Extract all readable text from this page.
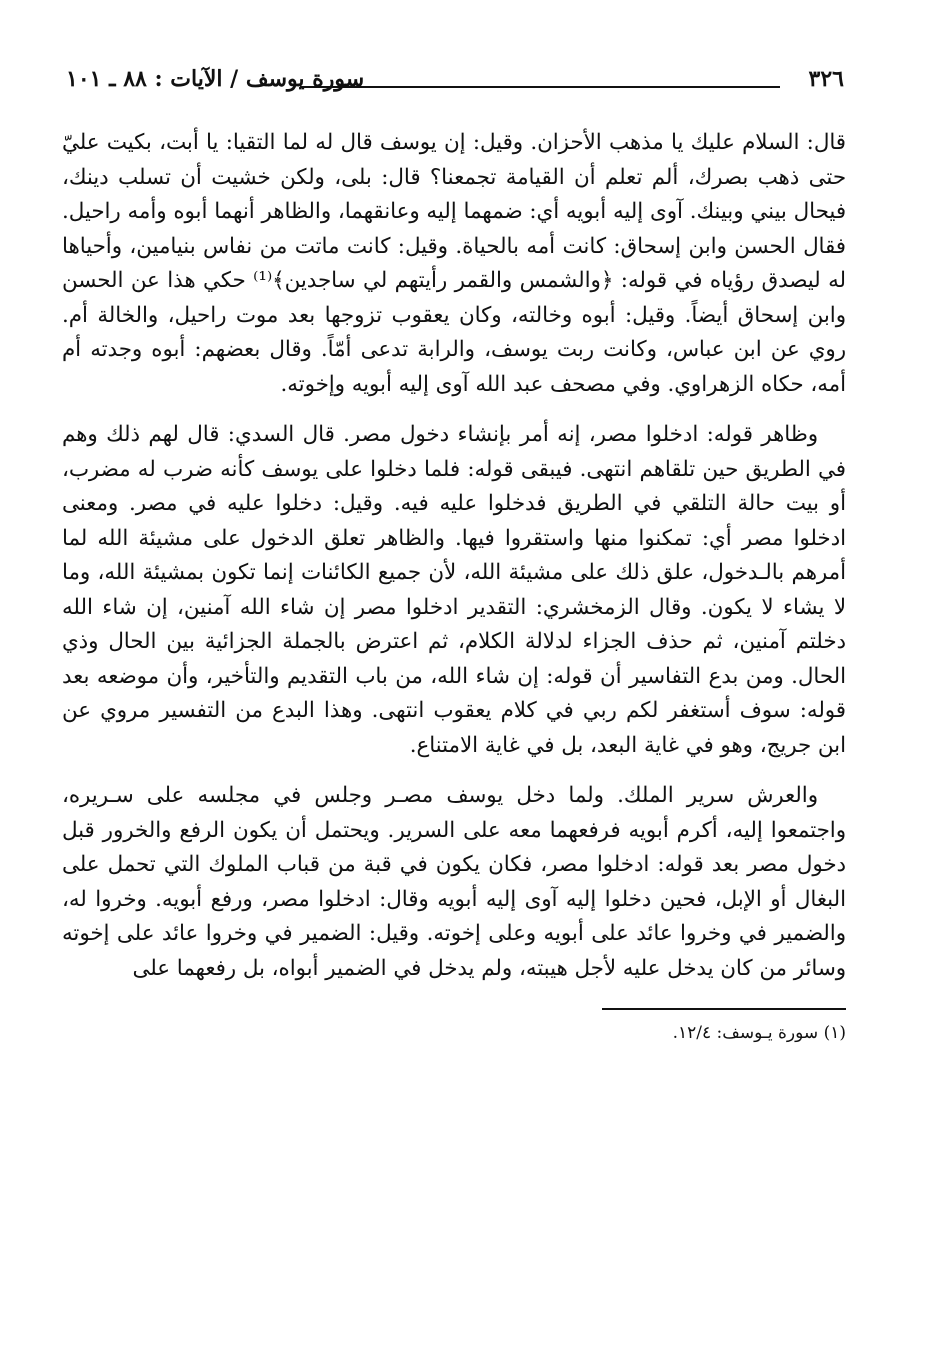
٣٢٦
سورة يوسف / الآيات : ٨٨ ـ ١٠١

قال: السلام عليك يا مذهب الأحزان. وقيل: إن يوسف قال له لما التقيا: يا أبت، بكيت عليّ حتى ذهب بصرك، ألم تعلم أن القيامة تجمعنا؟ قال: بلى، ولكن خشيت أن تسلب دينك، فيحال بيني وبينك. آوى إليه أبويه أي: ضمهما إليه وعانقهما، والظاهر أنهما أبوه وأمه راحيل. فقال الحسن وابن إسحاق: كانت أمه بالحياة. وقيل: كانت ماتت من نفاس بنيامين، وأحياها له ليصدق رؤياه في قوله: ﴿والشمس والقمر رأيتهم لي ساجدين﴾⁽¹⁾ حكي هذا عن الحسن وابن إسحاق أيضاً. وقيل: أبوه وخالته، وكان يعقوب تزوجها بعد موت راحيل، والخالة أم. روي عن ابن عباس، وكانت ربت يوسف، والرابة تدعى أمّاً. وقال بعضهم: أبوه وجدته أم أمه، حكاه الزهراوي. وفي مصحف عبد الله آوى إليه أبويه وإخوته.

وظاهر قوله: ادخلوا مصر، إنه أمر بإنشاء دخول مصر. قال السدي: قال لهم ذلك وهم في الطريق حين تلقاهم انتهى. فيبقى قوله: فلما دخلوا على يوسف كأنه ضرب له مضرب، أو بيت حالة التلقي في الطريق فدخلوا عليه فيه. وقيل: دخلوا عليه في مصر. ومعنى ادخلوا مصر أي: تمكنوا منها واستقروا فيها. والظاهر تعلق الدخول على مشيئة الله لما أمرهم بالـدخول، علق ذلك على مشيئة الله، لأن جميع الكائنات إنما تكون بمشيئة الله، وما لا يشاء لا يكون. وقال الزمخشري: التقدير ادخلوا مصر إن شاء الله آمنين، إن شاء الله دخلتم آمنين، ثم حذف الجزاء لدلالة الكلام، ثم اعترض بالجملة الجزائية بين الحال وذي الحال. ومن بدع التفاسير أن قوله: إن شاء الله، من باب التقديم والتأخير، وأن موضعه بعد قوله: سوف أستغفر لكم ربي في كلام يعقوب انتهى. وهذا البدع من التفسير مروي عن ابن جريج، وهو في غاية البعد، بل في غاية الامتناع.

والعرش سرير الملك. ولما دخل يوسف مصـر وجلس في مجلسه على سـريره، واجتمعوا إليه، أكرم أبويه فرفعهما معه على السرير. ويحتمل أن يكون الرفع والخرور قبل دخول مصر بعد قوله: ادخلوا مصر، فكان يكون في قبة من قباب الملوك التي تحمل على البغال أو الإبل، فحين دخلوا إليه آوى إليه أبويه وقال: ادخلوا مصر، ورفع أبويه. وخروا له، والضمير في وخروا عائد على أبويه وعلى إخوته. وقيل: الضمير في وخروا عائد على إخوته وسائر من كان يدخل عليه لأجل هيبته، ولم يدخل في الضمير أبواه، بل رفعهما على

(١) سورة يـوسف: ١٢/٤.
